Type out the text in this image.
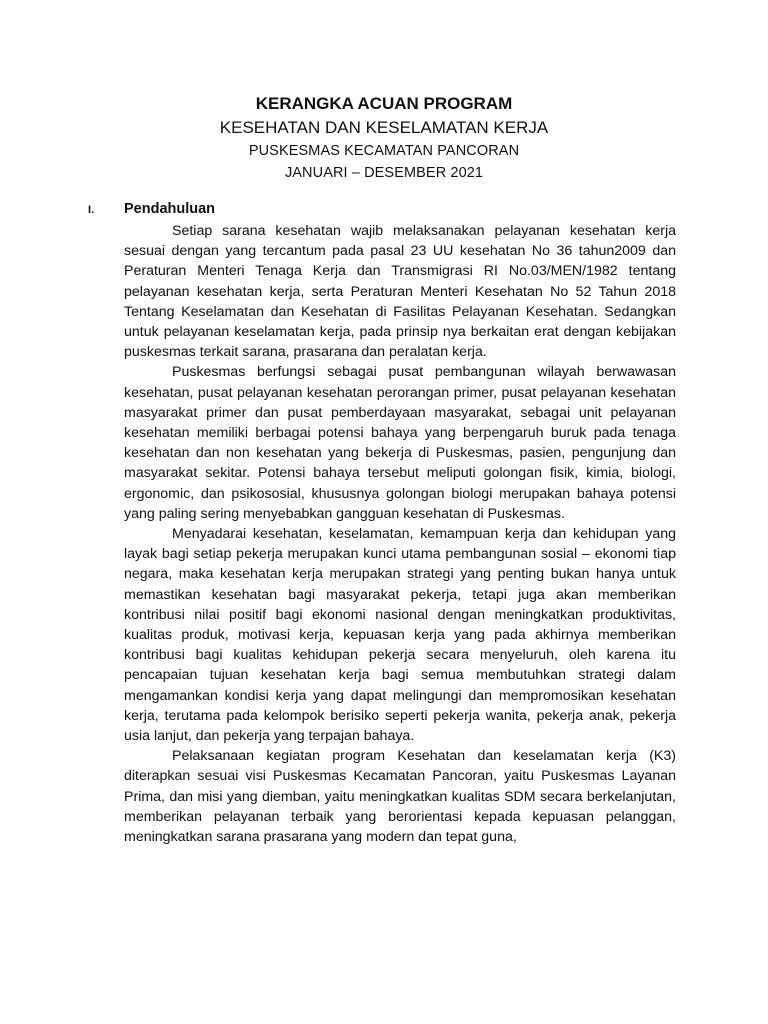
KERANGKA ACUAN PROGRAM

KESEHATAN DAN KESELAMATAN KERJA

PUSKESMAS KECAMATAN PANCORAN

JANUARI – DESEMBER 2021

I.	Pendahuluan

Setiap sarana kesehatan wajib melaksanakan pelayanan kesehatan kerja sesuai dengan yang tercantum pada pasal 23 UU kesehatan No 36 tahun2009 dan Peraturan Menteri Tenaga Kerja dan Transmigrasi RI No.03/MEN/1982 tentang pelayanan kesehatan kerja, serta Peraturan Menteri Kesehatan No 52 Tahun 2018 Tentang Keselamatan dan Kesehatan di Fasilitas Pelayanan Kesehatan. Sedangkan untuk pelayanan keselamatan kerja, pada prinsip nya berkaitan erat dengan kebijakan puskesmas terkait sarana, prasarana dan peralatan kerja.

Puskesmas berfungsi sebagai pusat pembangunan wilayah berwawasan kesehatan, pusat pelayanan kesehatan perorangan primer, pusat pelayanan kesehatan masyarakat primer dan pusat pemberdayaan masyarakat, sebagai unit pelayanan kesehatan memiliki berbagai potensi bahaya yang berpengaruh buruk pada tenaga kesehatan dan non kesehatan yang bekerja di Puskesmas, pasien, pengunjung dan masyarakat sekitar. Potensi bahaya tersebut meliputi golongan fisik, kimia, biologi, ergonomic, dan psikososial, khususnya golongan biologi merupakan bahaya potensi yang paling sering menyebabkan gangguan kesehatan di Puskesmas.

Menyadarai kesehatan, keselamatan, kemampuan kerja dan kehidupan yang layak bagi setiap pekerja merupakan kunci utama pembangunan sosial – ekonomi tiap negara, maka kesehatan kerja merupakan strategi yang penting bukan hanya untuk memastikan kesehatan bagi masyarakat pekerja, tetapi juga akan memberikan kontribusi nilai positif bagi ekonomi nasional dengan meningkatkan produktivitas, kualitas produk, motivasi kerja, kepuasan kerja yang pada akhirnya memberikan kontribusi bagi kualitas kehidupan pekerja secara menyeluruh, oleh karena itu pencapaian tujuan kesehatan kerja bagi semua membutuhkan strategi dalam mengamankan kondisi kerja yang dapat melingungi dan mempromosikan kesehatan kerja, terutama pada kelompok berisiko seperti pekerja wanita, pekerja anak, pekerja usia lanjut, dan pekerja yang terpajan bahaya.

Pelaksanaan kegiatan program Kesehatan dan keselamatan kerja (K3) diterapkan sesuai visi Puskesmas Kecamatan Pancoran, yaitu Puskesmas Layanan Prima, dan misi yang diemban, yaitu meningkatkan kualitas SDM secara berkelanjutan, memberikan pelayanan terbaik yang berorientasi kepada kepuasan pelanggan, meningkatkan sarana prasarana yang modern dan tepat guna,
